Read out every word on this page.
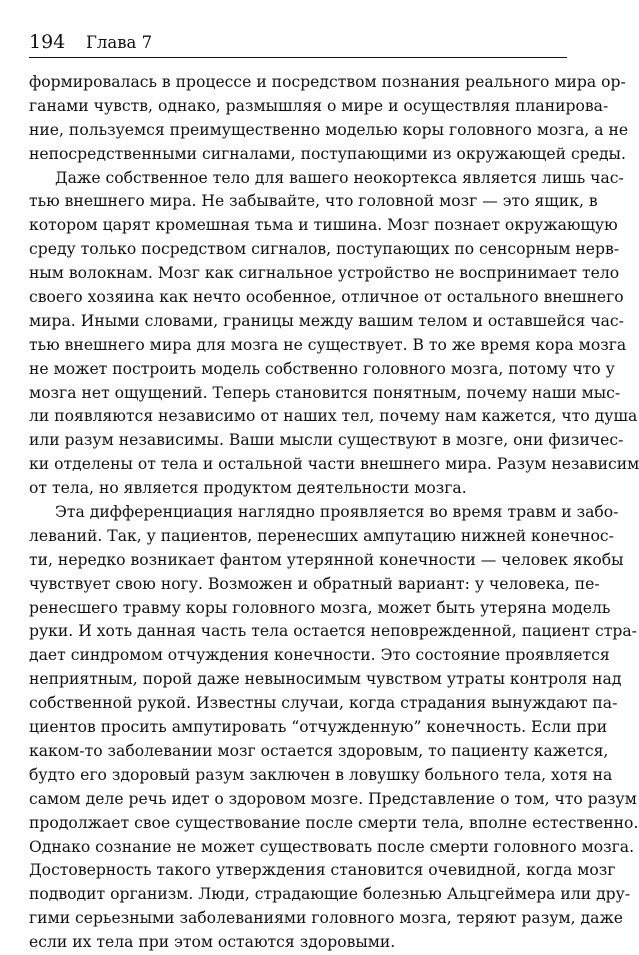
194 Глава 7
формировалась в процессе и посредством познания реального мира ор-
ганами чувств, однако, размышляя о мире и осуществляя планирова-
ние, пользуемся преимущественно моделью коры головного мозга, а не
непосредственными сигналами, поступающими из окружающей среды.
Даже собственное тело для вашего неокортекса является лишь час-
тью внешнего мира. Не забывайте, что головной мозг — это ящик, в
котором царят кромешная тьма и тишина. Мозг познает окружающую
среду только посредством сигналов, поступающих по сенсорным нерв-
ным волокнам. Мозг как сигнальное устройство не воспринимает тело
своего хозяина как нечто особенное, отличное от остального внешнего
мира. Иными словами, границы между вашим телом и оставшейся час-
тью внешнего мира для мозга не существует. В то же время кора мозга
не может построить модель собственно головного мозга, потому что у
мозга нет ощущений. Теперь становится понятным, почему наши мыс-
ли появляются независимо от наших тел, почему нам кажется, что душа
или разум независимы. Ваши мысли существуют в мозге, они физичес-
ки отделены от тела и остальной части внешнего мира. Разум независим
от тела, но является продуктом деятельности мозга.
Эта дифференциация наглядно проявляется во время травм и забо-
леваний. Так, у пациентов, перенесших ампутацию нижней конечнос-
ти, нередко возникает фантом утерянной конечности — человек якобы
чувствует свою ногу. Возможен и обратный вариант: у человека, пе-
ренесшего травму коры головного мозга, может быть утеряна модель
руки. И хоть данная часть тела остается неповрежденной, пациент стра-
дает синдромом отчуждения конечности. Это состояние проявляется
неприятным, порой даже невыносимым чувством утраты контроля над
собственной рукой. Известны случаи, когда страдания вынуждают па-
циентов просить ампутировать “отчужденную” конечность. Если при
каком-то заболевании мозг остается здоровым, то пациенту кажется,
будто его здоровый разум заключен в ловушку больного тела, хотя на
самом деле речь идет о здоровом мозге. Представление о том, что разум
продолжает свое существование после смерти тела, вполне естественно.
Однако сознание не может существовать после смерти головного мозга.
Достоверность такого утверждения становится очевидной, когда мозг
подводит организм. Люди, страдающие болезнью Альцгеймера или дру-
гими серьезными заболеваниями головного мозга, теряют разум, даже
если их тела при этом остаются здоровыми.
